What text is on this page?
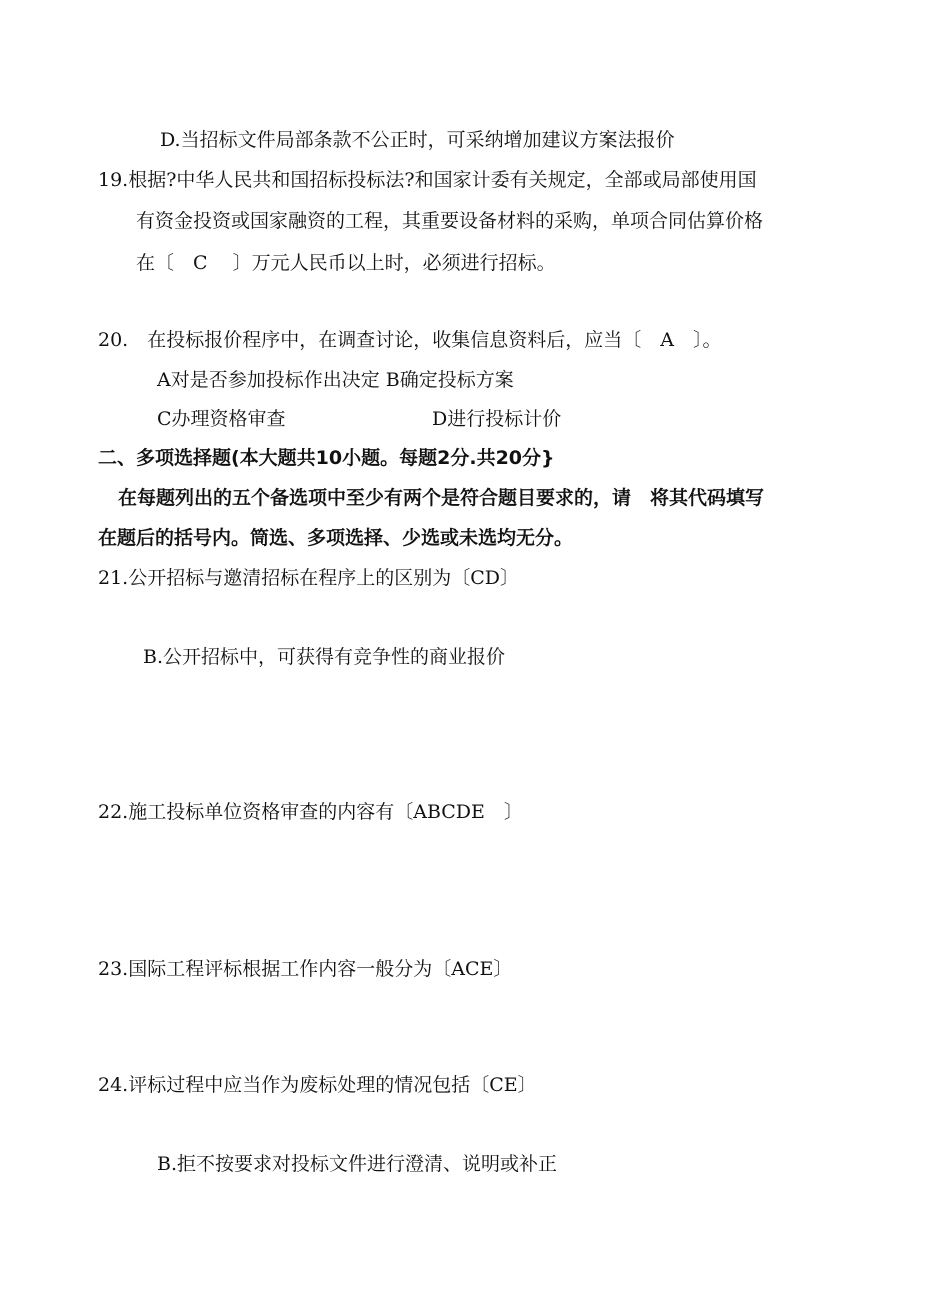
D.当招标文件局部条款不公正时，可采纳增加建议方案法报价
19.根据?中华人民共和国招标投标法?和国家计委有关规定，全部或局部使用国
有资金投资或国家融资的工程，其重要设备材料的采购，单项合同估算价格
在〔　C　 〕万元人民币以上时，必须进行招标。
20.　在投标报价程序中，在调查讨论，收集信息资料后，应当〔　A　〕。
A对是否参加投标作出决定 B确定投标方案
C办理资格审查	D进行投标计价
二、多项选择题(本大题共10小题。每题2分.共20分}
在每题列出的五个备选项中至少有两个是符合题目要求的，请　将其代码填写
在题后的括号内。筒选、多项选择、少选或未选均无分。
21.公开招标与邀清招标在程序上的区别为〔CD〕
B.公开招标中，可获得有竞争性的商业报价
22.施工投标单位资格审查的内容有〔ABCDE　〕
23.国际工程评标根据工作内容一般分为〔ACE〕
24.评标过程中应当作为废标处理的情况包括〔CE〕
B.拒不按要求对投标文件进行澄清、说明或补正
